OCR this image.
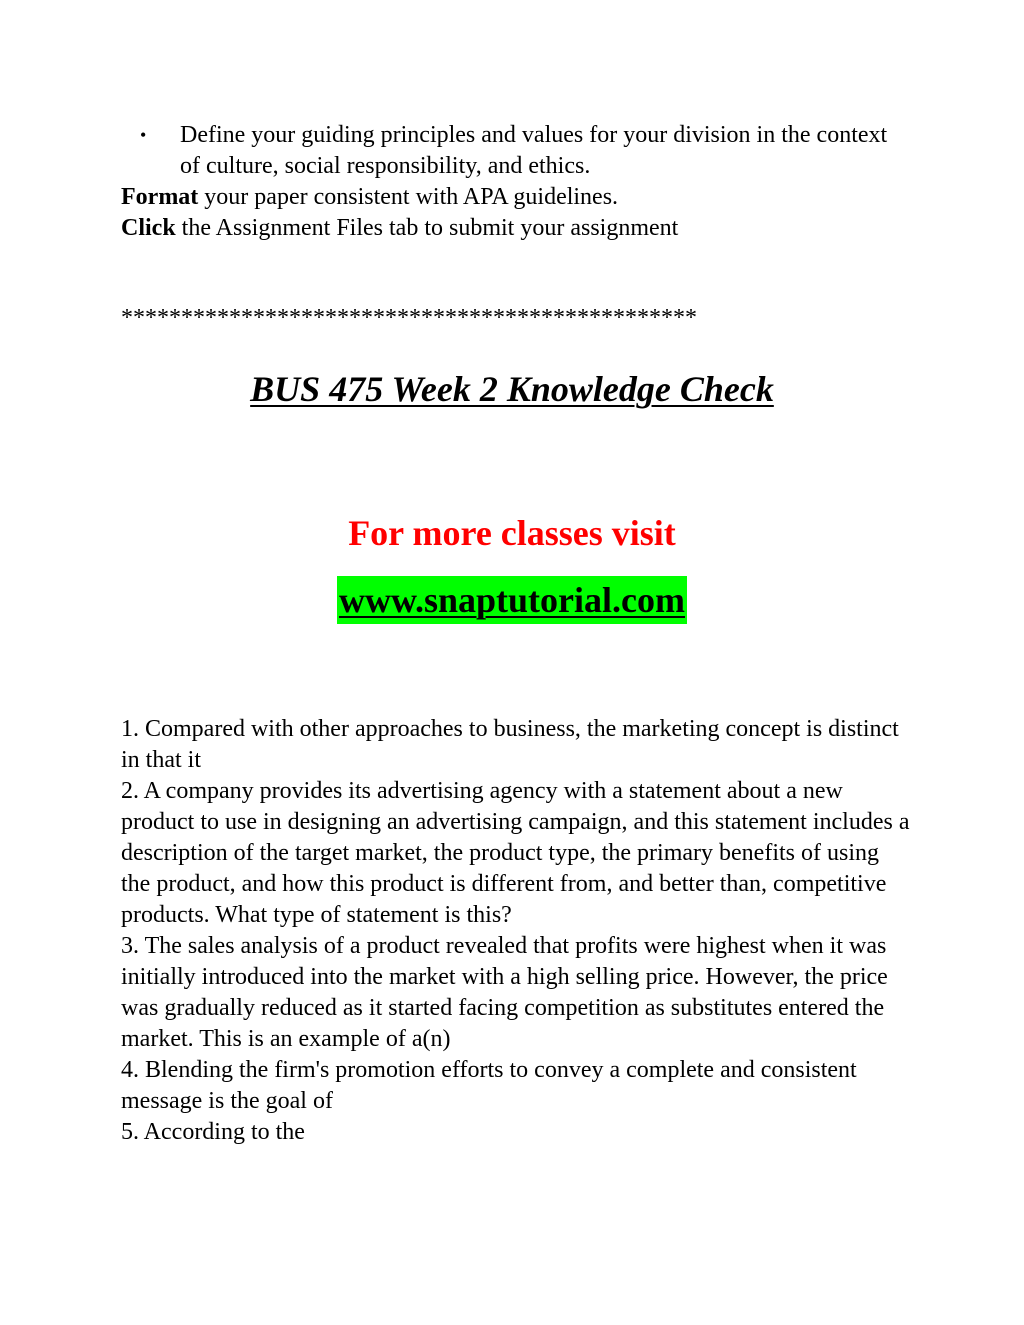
• Define your guiding principles and values for your division in the context of culture, social responsibility, and ethics.
Format your paper consistent with APA guidelines.
Click the Assignment Files tab to submit your assignment
************************************************
BUS 475 Week 2 Knowledge Check
For more classes visit
www.snaptutorial.com

1. Compared with other approaches to business, the marketing concept is distinct in that it

2. A company provides its advertising agency with a statement about a new product to use in designing an advertising campaign, and this statement includes a description of the target market, the product type, the primary benefits of using the product, and how this product is different from, and better than, competitive products. What type of statement is this?

3. The sales analysis of a product revealed that profits were highest when it was initially introduced into the market with a high selling price. However, the price was gradually reduced as it started facing competition as substitutes entered the market. This is an example of a(n)

4. Blending the firm's promotion efforts to convey a complete and consistent message is the goal of

5. According to the
